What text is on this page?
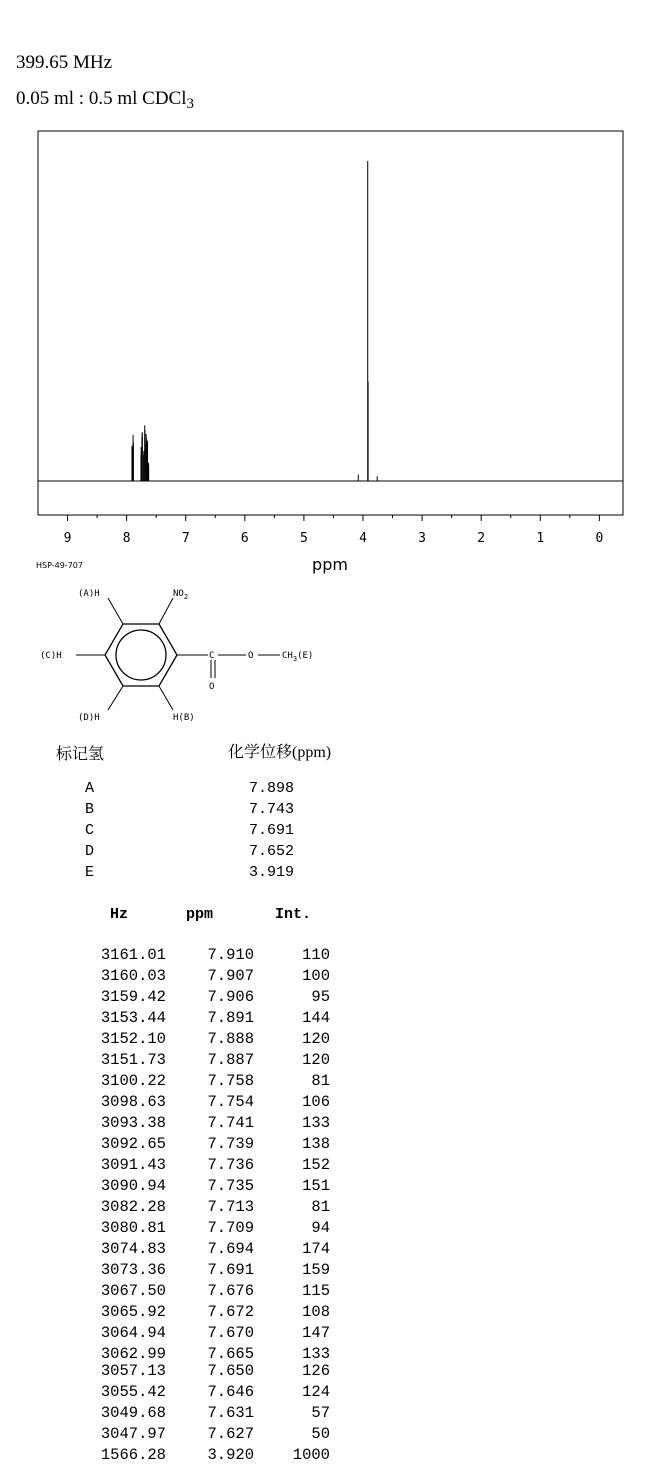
399.65 MHz
0.05 ml : 0.5 ml CDCl$_3$
9	8	7	6	5	4	3	2	1	0
ppm
HSP-49-707
(A)H	$NO_2$
(C)H	C	O	$CH_3(E)$
O
(D)H	H(B)
标记氢	化学位移(ppm)
A	7.898
B	7.743
C	7.691
D	7.652
E	3.919
Hz	ppm	Int.
3161.01	7.910	110
3160.03	7.907	100
3159.42	7.906	95
3153.44	7.891	144
3152.10	7.888	120
3151.73	7.887	120
3100.22	7.758	81
3098.63	7.754	106
3093.38	7.741	133
3092.65	7.739	138
3091.43	7.736	152
3090.94	7.735	151
3082.28	7.713	81
3080.81	7.709	94
3074.83	7.694	174
3073.36	7.691	159
3067.50	7.676	115
3065.92	7.672	108
3064.94	7.670	147
3062.99	7.665	133
3057.13	7.650	126
3055.42	7.646	124
3049.68	7.631	57
3047.97	7.627	50
1566.28	3.920	1000
